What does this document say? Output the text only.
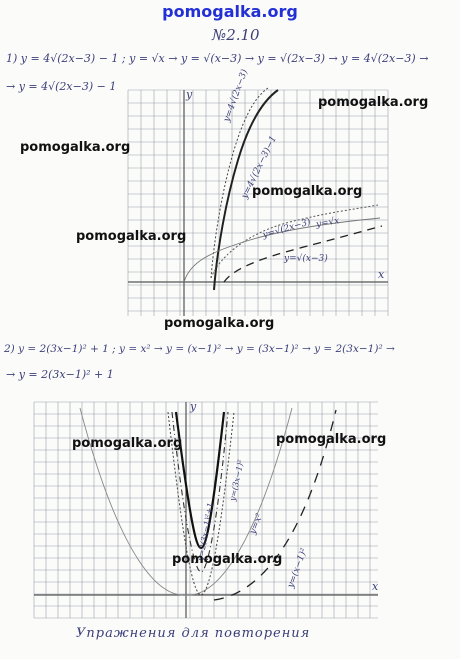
pomogalka.org
№2.10
1) y = 4√(2x−3) − 1 ; y = √x → y = √(x−3) → y = √(2x−3) → y = 4√(2x−3) →
→ y = 4√(2x−3) − 1
y
x
y=4√(2x−3)
y=4√(2x−3)−1
y=√(2x−3) y=√x
y=√(x−3)
2) y = 2(3x−1)² + 1 ; y = x² → y = (x−1)² → y = (3x−1)² → y = 2(3x−1)² →
→ y = 2(3x−1)² + 1
y
x
y=2(3x−1)²+1
y=(3x−1)²
y=x²
y=(x−1)²
Упражнения для повторения
pomogalka.org
pomogalka.org
pomogalka.org
pomogalka.org
pomogalka.org
pomogalka.org	pomogalka.org
pomogalka.org
